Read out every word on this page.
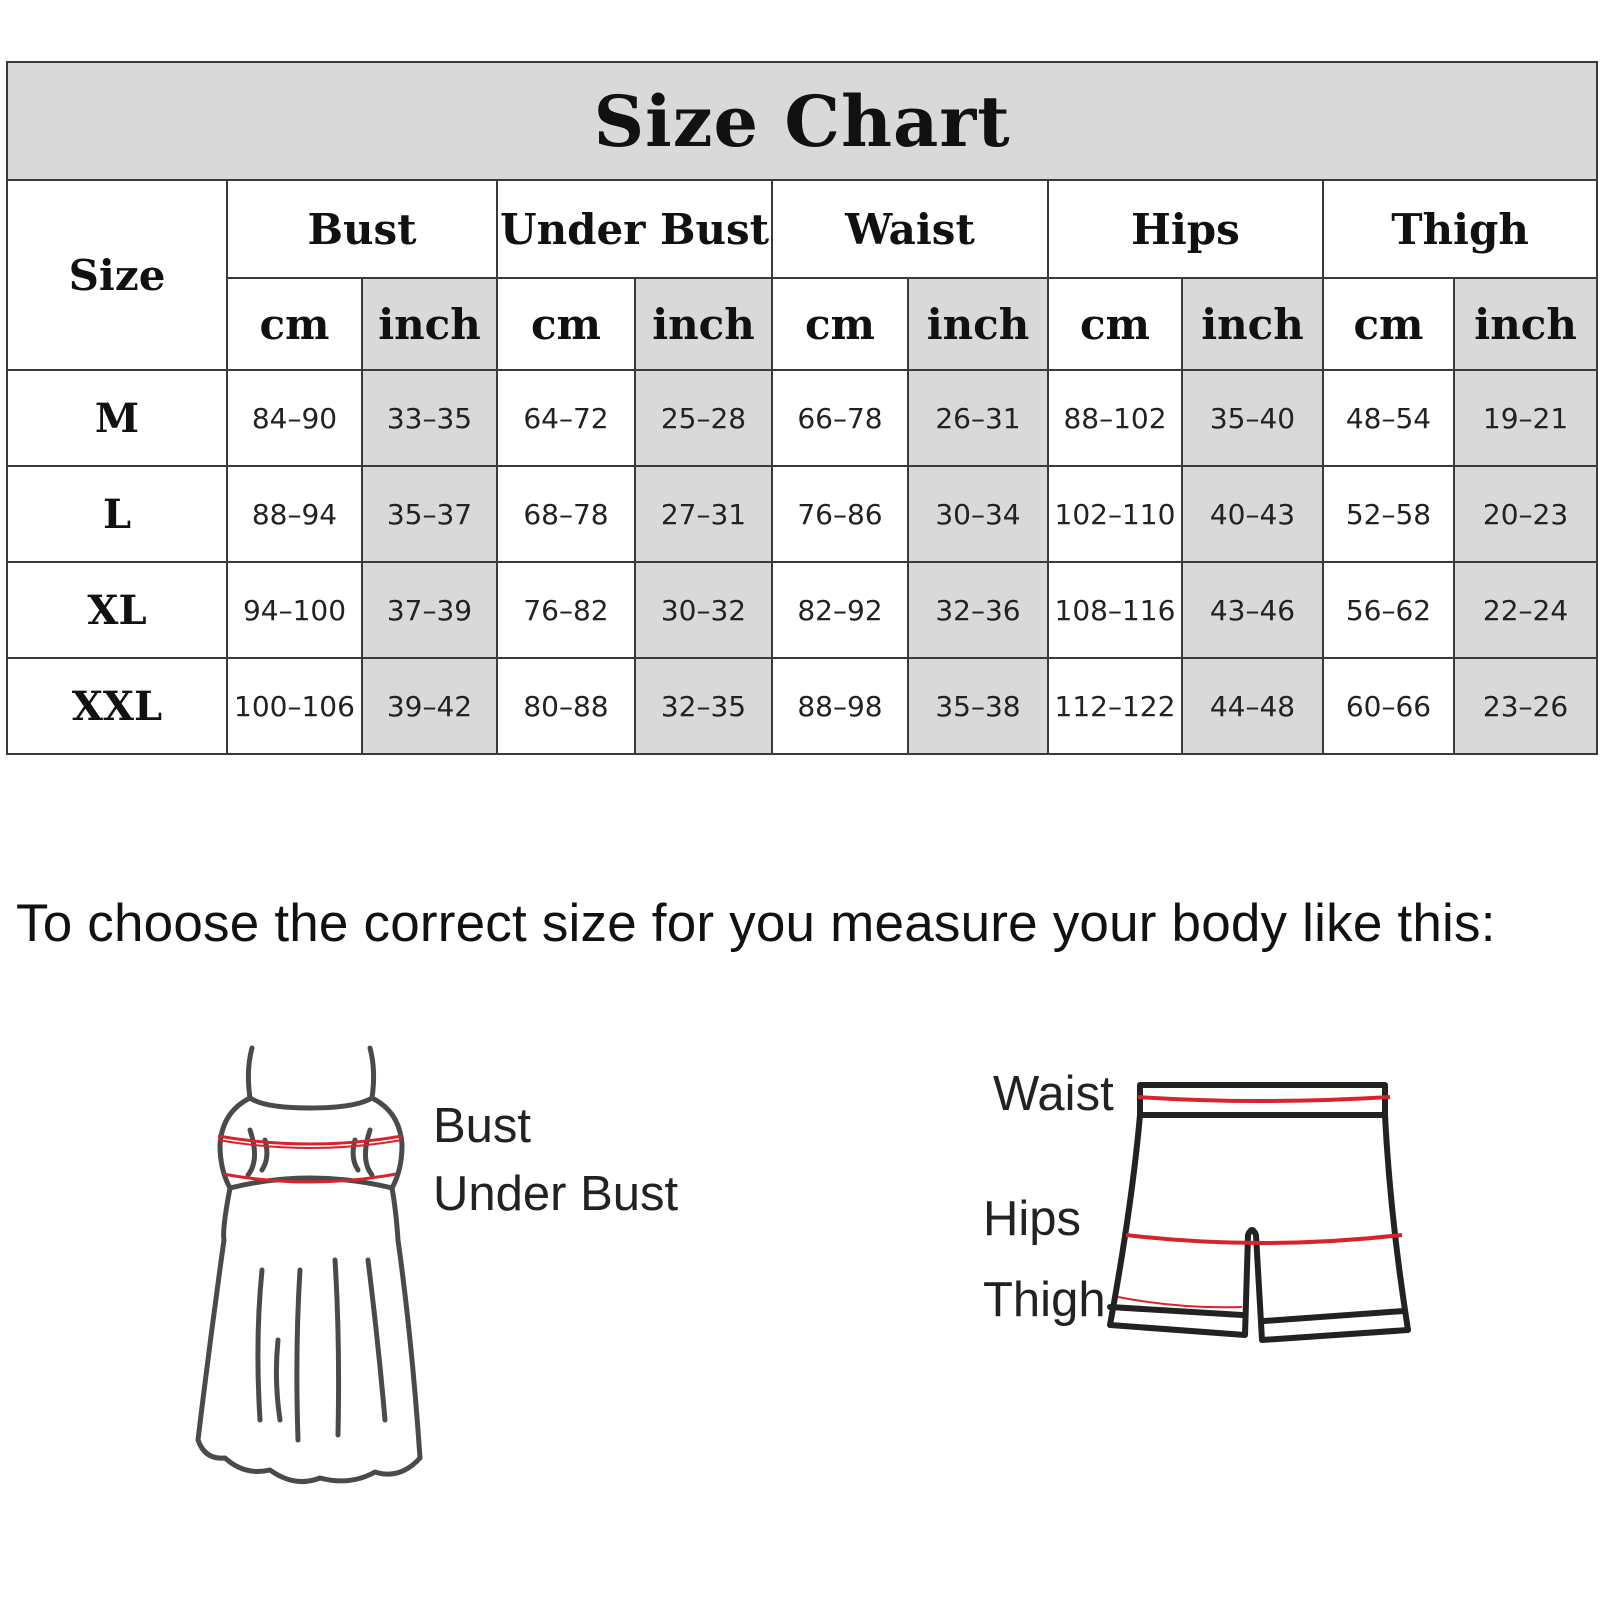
Size Chart										
Size	Bust		Under Bust		Waist		Hips		Thigh	
	cm	inch	cm	inch	cm	inch	cm	inch	cm	inch
M	84–90	33–35	64–72	25–28	66–78	26–31	88–102	35–40	48–54	19–21
L	88–94	35–37	68–78	27–31	76–86	30–34	102–110	40–43	52–58	20–23
XL	94–100	37–39	76–82	30–32	82–92	32–36	108–116	43–46	56–62	22–24
XXL	100–106	39–42	80–88	32–35	88–98	35–38	112–122	44–48	60–66	23–26

To choose the correct size for you measure your body like this:

Bust
Under Bust
Waist
Hips
Thigh
